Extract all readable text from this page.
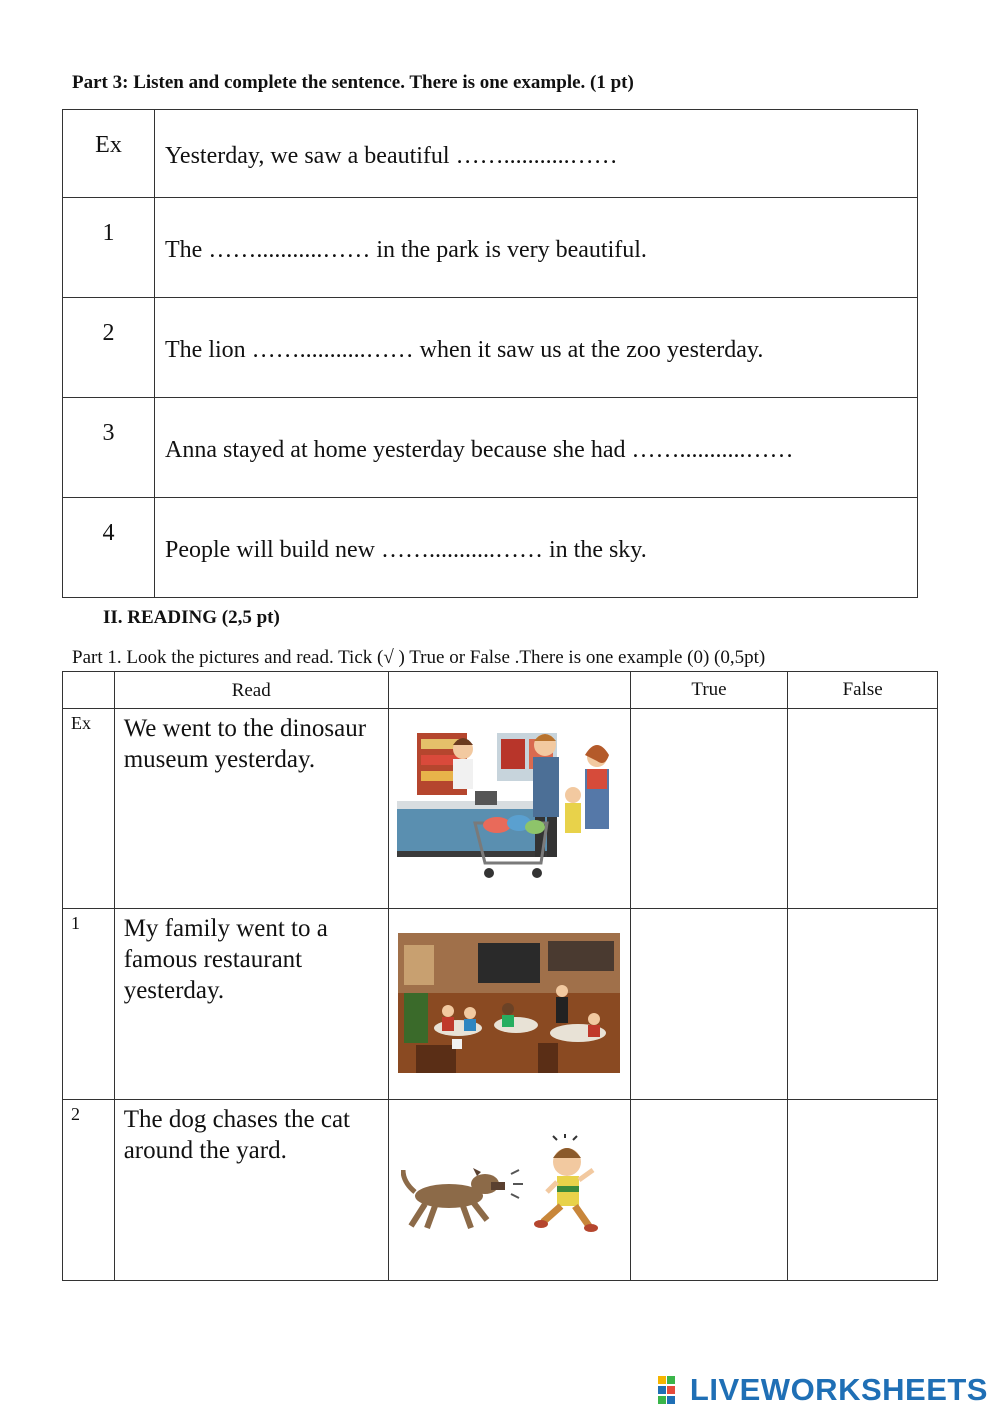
Part 3: Listen and complete the sentence. There is one example. (1 pt)
Ex	Yesterday, we saw a beautiful ……...........……
1	The ……...........…… in the park is very beautiful.
2	The lion ……...........…… when it saw us at the zoo yesterday.
3	Anna stayed at home yesterday because she had ……...........……
4	People will build new ……...........…… in the sky.
II. READING (2,5 pt)
Part 1. Look the pictures and read. Tick (√ ) True or False .There is one example (0) (0,5pt)
	Read		True	False
Ex	We went to the dinosaur museum yesterday.	

1	My family went to a famous restaurant yesterday.	

2	The dog chases the cat around the yard.	

LIVEWORKSHEETS
